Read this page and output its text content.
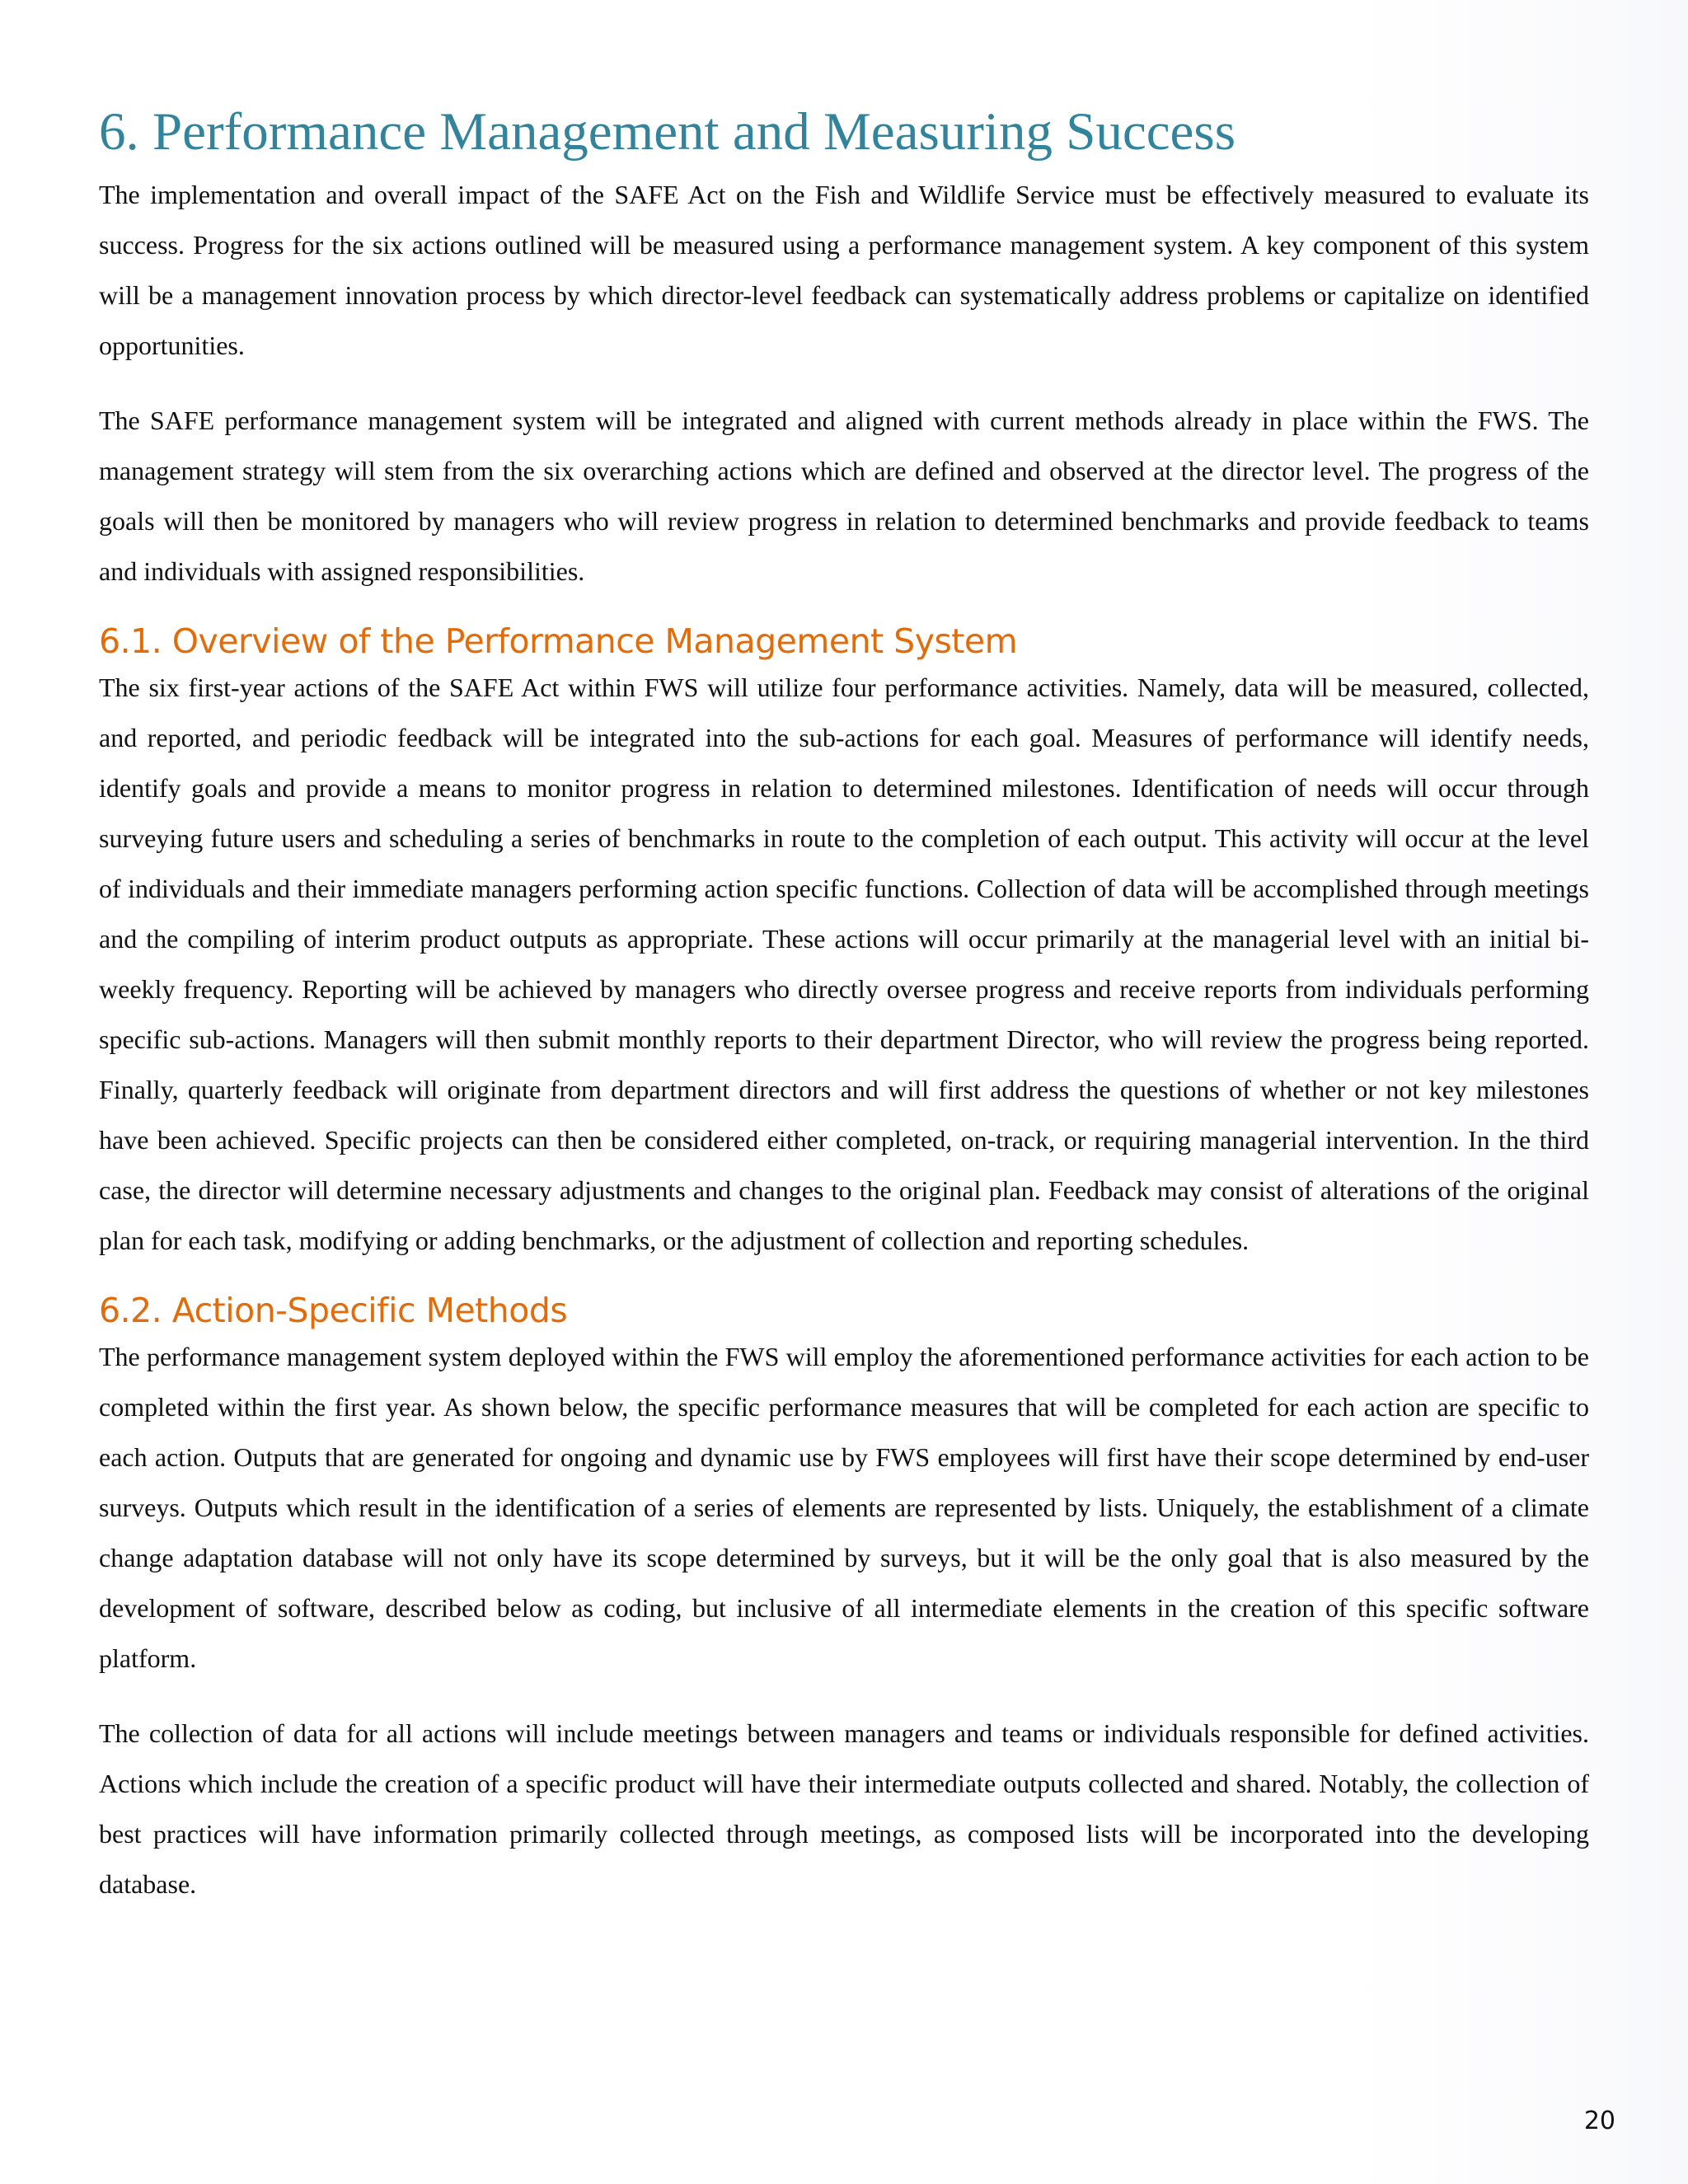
6. Performance Management and Measuring Success

The implementation and overall impact of the SAFE Act on the Fish and Wildlife Service must be effectively measured to evaluate its success. Progress for the six actions outlined will be measured using a performance management system. A key component of this system will be a management innovation process by which director-level feedback can systematically address problems or capitalize on identified opportunities.

The SAFE performance management system will be integrated and aligned with current methods already in place within the FWS. The management strategy will stem from the six overarching actions which are defined and observed at the director level. The progress of the goals will then be monitored by managers who will review progress in relation to determined benchmarks and provide feedback to teams and individuals with assigned responsibilities.

6.1. Overview of the Performance Management System

The six first-year actions of the SAFE Act within FWS will utilize four performance activities. Namely, data will be measured, collected, and reported, and periodic feedback will be integrated into the sub-actions for each goal. Measures of performance will identify needs, identify goals and provide a means to monitor progress in relation to determined milestones. Identification of needs will occur through surveying future users and scheduling a series of benchmarks in route to the completion of each output. This activity will occur at the level of individuals and their immediate managers performing action specific functions. Collection of data will be accomplished through meetings and the compiling of interim product outputs as appropriate. These actions will occur primarily at the managerial level with an initial bi-weekly frequency. Reporting will be achieved by managers who directly oversee progress and receive reports from individuals performing specific sub-actions. Managers will then submit monthly reports to their department Director, who will review the progress being reported. Finally, quarterly feedback will originate from department directors and will first address the questions of whether or not key milestones have been achieved. Specific projects can then be considered either completed, on-track, or requiring managerial intervention. In the third case, the director will determine necessary adjustments and changes to the original plan. Feedback may consist of alterations of the original plan for each task, modifying or adding benchmarks, or the adjustment of collection and reporting schedules.

6.2. Action-Specific Methods

The performance management system deployed within the FWS will employ the aforementioned performance activities for each action to be completed within the first year. As shown below, the specific performance measures that will be completed for each action are specific to each action. Outputs that are generated for ongoing and dynamic use by FWS employees will first have their scope determined by end-user surveys. Outputs which result in the identification of a series of elements are represented by lists. Uniquely, the establishment of a climate change adaptation database will not only have its scope determined by surveys, but it will be the only goal that is also measured by the development of software, described below as coding, but inclusive of all intermediate elements in the creation of this specific software platform.

The collection of data for all actions will include meetings between managers and teams or individuals responsible for defined activities. Actions which include the creation of a specific product will have their intermediate outputs collected and shared. Notably, the collection of best practices will have information primarily collected through meetings, as composed lists will be incorporated into the developing database.

20
